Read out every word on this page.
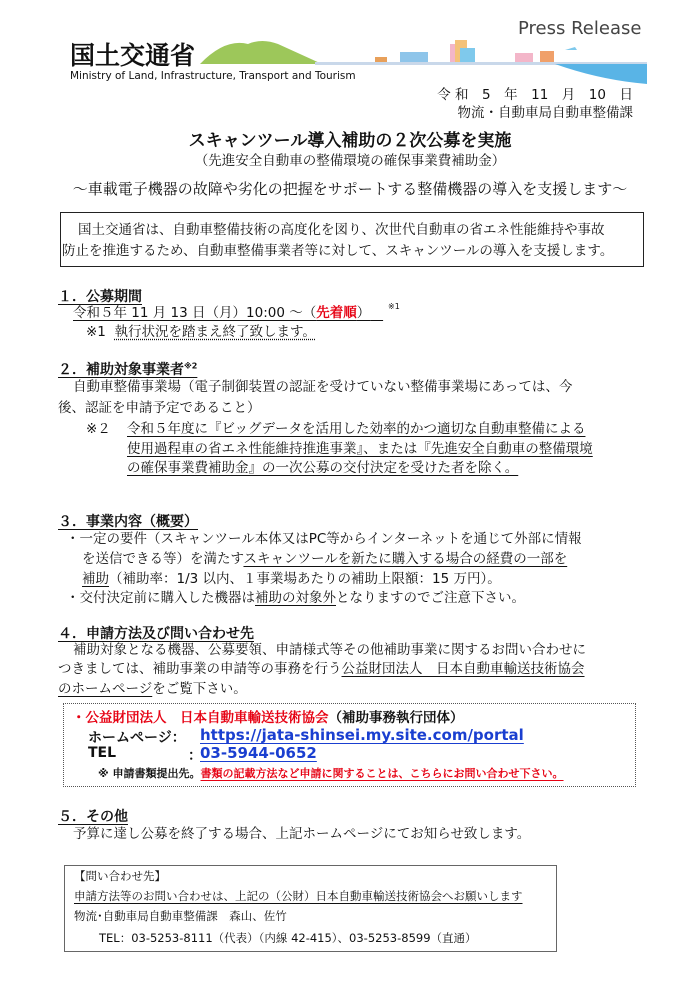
国土交通省
Ministry of Land, Infrastructure, Transport and Tourism
Press Release
令 和　5　年　11　月　10　日
物流・自動車局自動車整備課
スキャンツール導入補助の２次公募を実施
（先進安全自動車の整備環境の確保事業費補助金）
～車載電子機器の故障や劣化の把握をサポートする整備機器の導入を支援します～
国土交通省は、自動車整備技術の高度化を図り、次世代自動車の省エネ性能維持や事故
防止を推進するため、自動車整備事業者等に対して、スキャンツールの導入を支援します。
１．公募期間
令和５年 11 月 13 日（月）10:00 ～（先着順）	※1
※1 執行状況を踏まえ終了致します。
２．補助対象事業者$^{※2}$
自動車整備事業場（電子制御装置の認証を受けていない整備事業場にあっては、今
後、認証を申請予定であること）
※２ 令和５年度に『ビッグデータを活用した効率的かつ適切な自動車整備による
使用過程車の省エネ性能維持推進事業』、または『先進安全自動車の整備環境
の確保事業費補助金』の一次公募の交付決定を受けた者を除く。
３．事業内容（概要）
・一定の要件（スキャンツール本体又はPC等からインターネットを通じて外部に情報
を送信できる等）を満たすスキャンツールを新たに購入する場合の経費の一部を
補助（補助率：1/3 以内、１事業場あたりの補助上限額：15 万円）。
・交付決定前に購入した機器は補助の対象外となりますのでご注意下さい。
４．申請方法及び問い合わせ先
補助対象となる機器、公募要領、申請様式等その他補助事業に関するお問い合わせに
つきましては、補助事業の申請等の事務を行う公益財団法人　日本自動車輸送技術協会
のホームページをご覧下さい。
・公益財団法人　日本自動車輸送技術協会（補助事務執行団体）
ホームページ： https://jata-shinsei.my.site.com/portal
TEL	：
03-5944-0652
※ 申請書類提出先。書類の記載方法など申請に関することは、こちらにお問い合わせ下さい。
５．その他
予算に達し公募を終了する場合、上記ホームページにてお知らせ致します。
【問い合わせ先】
申請方法等のお問い合わせは、上記の（公財）日本自動車輸送技術協会へお願いします
物流･自動車局自動車整備課　森山、佐竹
TEL：03-5253-8111（代表）（内線 42-415）、03-5253-8599（直通）
